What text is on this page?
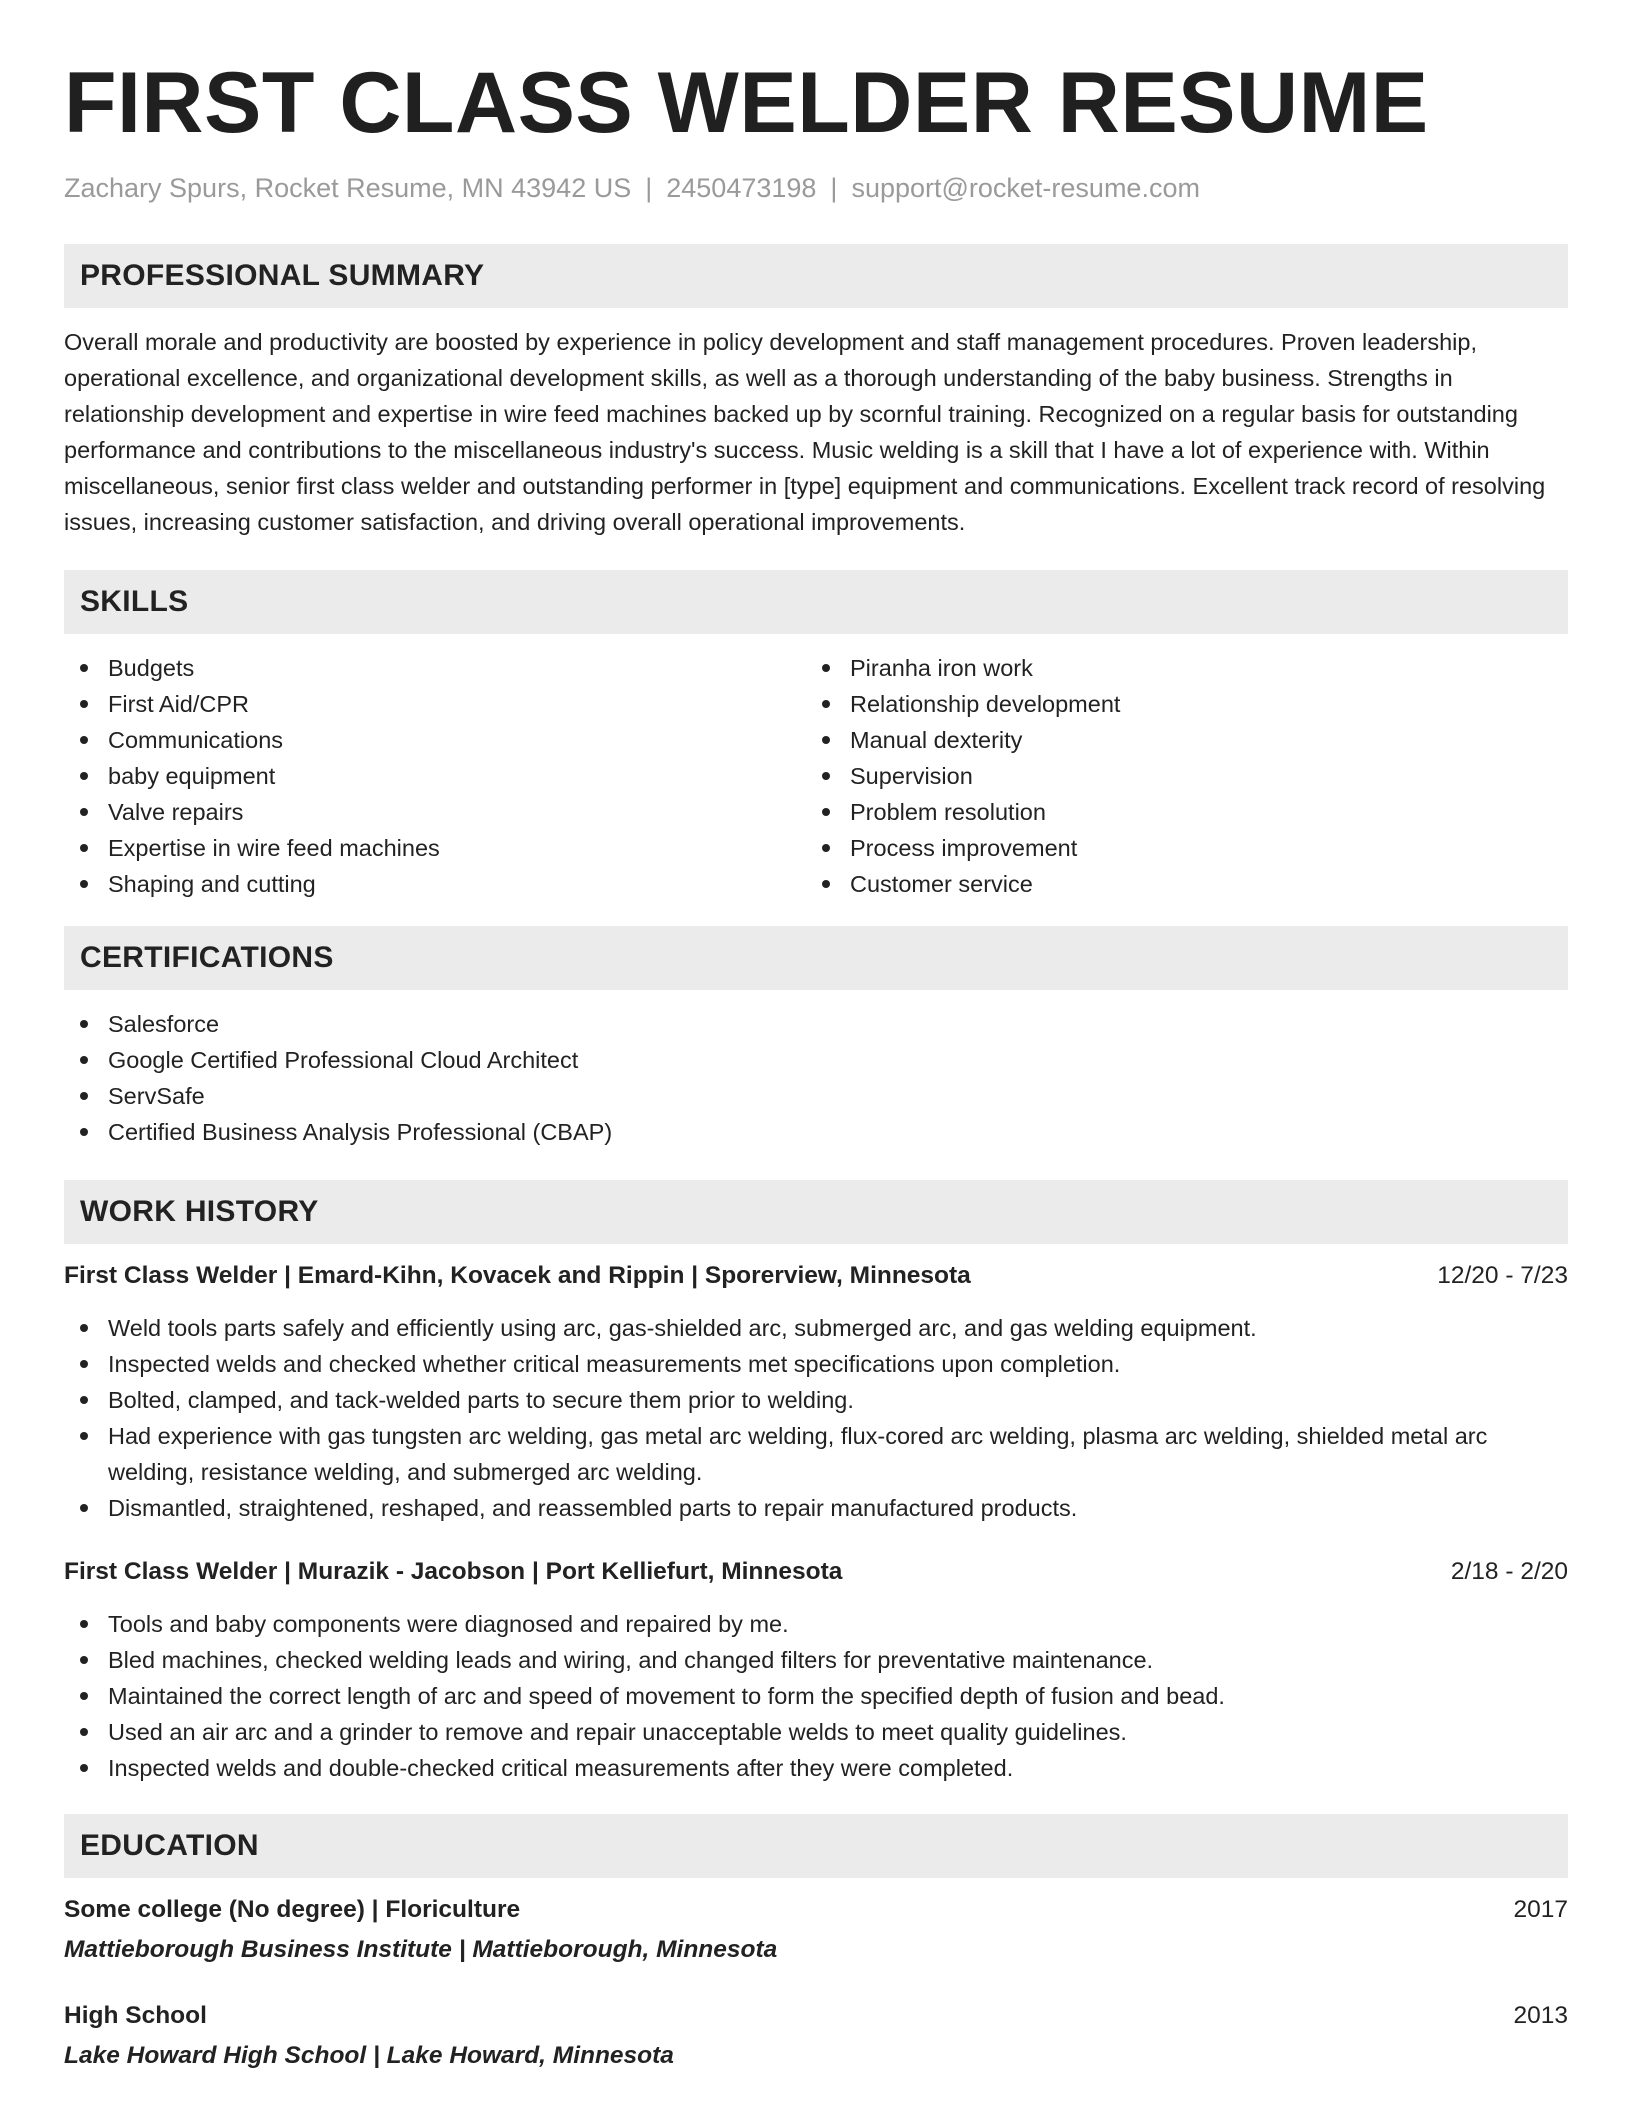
FIRST CLASS WELDER RESUME
Zachary Spurs, Rocket Resume, MN 43942 US | 2450473198 | support@rocket-resume.com
PROFESSIONAL SUMMARY

Overall morale and productivity are boosted by experience in policy development and staff management procedures. Proven leadership, operational excellence, and organizational development skills, as well as a thorough understanding of the baby business. Strengths in relationship development and expertise in wire feed machines backed up by scornful training. Recognized on a regular basis for outstanding performance and contributions to the miscellaneous industry's success. Music welding is a skill that I have a lot of experience with. Within miscellaneous, senior first class welder and outstanding performer in [type] equipment and communications. Excellent track record of resolving issues, increasing customer satisfaction, and driving overall operational improvements.

SKILLS
Budgets
First Aid/CPR
Communications
baby equipment
Valve repairs
Expertise in wire feed machines
Shaping and cutting
Piranha iron work
Relationship development
Manual dexterity
Supervision
Problem resolution
Process improvement
Customer service
CERTIFICATIONS
Salesforce
Google Certified Professional Cloud Architect
ServSafe
Certified Business Analysis Professional (CBAP)
WORK HISTORY
First Class Welder | Emard-Kihn, Kovacek and Rippin | Sporerview, Minnesota	12/20 - 7/23
Weld tools parts safely and efficiently using arc, gas-shielded arc, submerged arc, and gas welding equipment.
Inspected welds and checked whether critical measurements met specifications upon completion.
Bolted, clamped, and tack-welded parts to secure them prior to welding.
Had experience with gas tungsten arc welding, gas metal arc welding, flux-cored arc welding, plasma arc welding, shielded metal arc welding, resistance welding, and submerged arc welding.
Dismantled, straightened, reshaped, and reassembled parts to repair manufactured products.
First Class Welder | Murazik - Jacobson | Port Kelliefurt, Minnesota	2/18 - 2/20
Tools and baby components were diagnosed and repaired by me.
Bled machines, checked welding leads and wiring, and changed filters for preventative maintenance.
Maintained the correct length of arc and speed of movement to form the specified depth of fusion and bead.
Used an air arc and a grinder to remove and repair unacceptable welds to meet quality guidelines.
Inspected welds and double-checked critical measurements after they were completed.
EDUCATION
Some college (No degree) | Floriculture	2017
Mattieborough Business Institute | Mattieborough, Minnesota
High School	2013
Lake Howard High School | Lake Howard, Minnesota
